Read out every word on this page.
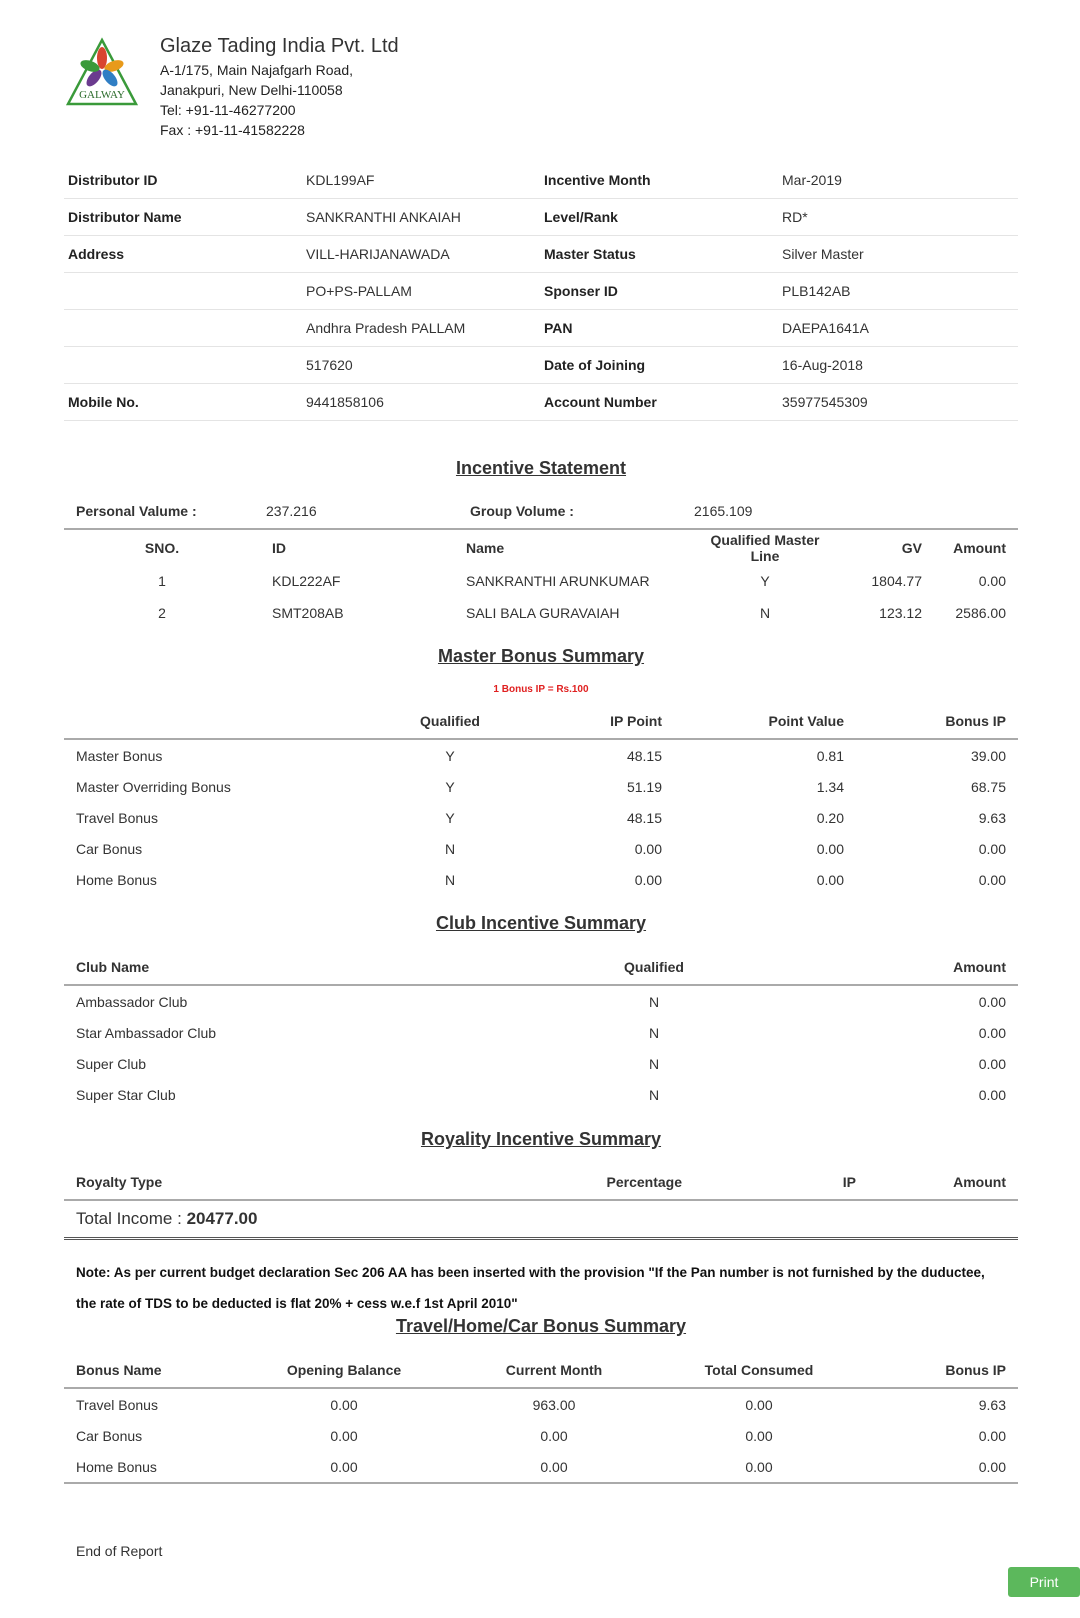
GALWAY
Glaze Tading India Pvt. Ltd
A-1/175, Main Najafgarh Road,
Janakpuri, New Delhi-110058
Tel: +91-11-46277200
Fax : +91-11-41582228
Distributor ID	KDL199AF	Incentive Month	Mar-2019
Distributor Name	SANKRANTHI ANKAIAH	Level/Rank	RD*
Address	VILL-HARIJANAWADA	Master Status	Silver Master
	PO+PS-PALLAM	Sponser ID	PLB142AB
	Andhra Pradesh PALLAM	PAN	DAEPA1641A
	517620	Date of Joining	16-Aug-2018
Mobile No.	9441858106	Account Number	35977545309
Incentive Statement
Personal Valume :	237.216	Group Volume :	2165.109
SNO.	ID	Name	Qualified Master Line	GV	Amount
1	KDL222AF	SANKRANTHI ARUNKUMAR	Y	1804.77	0.00
2	SMT208AB	SALI BALA GURAVAIAH	N	123.12	2586.00
Master Bonus Summary
1 Bonus IP = Rs.100
	Qualified	IP Point	Point Value	Bonus IP
Master Bonus	Y	48.15	0.81	39.00
Master Overriding Bonus	Y	51.19	1.34	68.75
Travel Bonus	Y	48.15	0.20	9.63
Car Bonus	N	0.00	0.00	0.00
Home Bonus	N	0.00	0.00	0.00
Club Incentive Summary
Club Name	Qualified	Amount
Ambassador Club	N	0.00
Star Ambassador Club	N	0.00
Super Club	N	0.00
Super Star Club	N	0.00
Royality Incentive Summary
Royalty Type	Percentage	IP	Amount
Total Income : 20477.00
Note: As per current budget declaration Sec 206 AA has been inserted with the provision "If the Pan number is not furnished by the duductee, the rate of TDS to be deducted is flat 20% + cess w.e.f 1st April 2010"
Travel/Home/Car Bonus Summary
Bonus Name	Opening Balance	Current Month	Total Consumed	Bonus IP
Travel Bonus	0.00	963.00	0.00	9.63
Car Bonus	0.00	0.00	0.00	0.00
Home Bonus	0.00	0.00	0.00	0.00
End of Report
Print
